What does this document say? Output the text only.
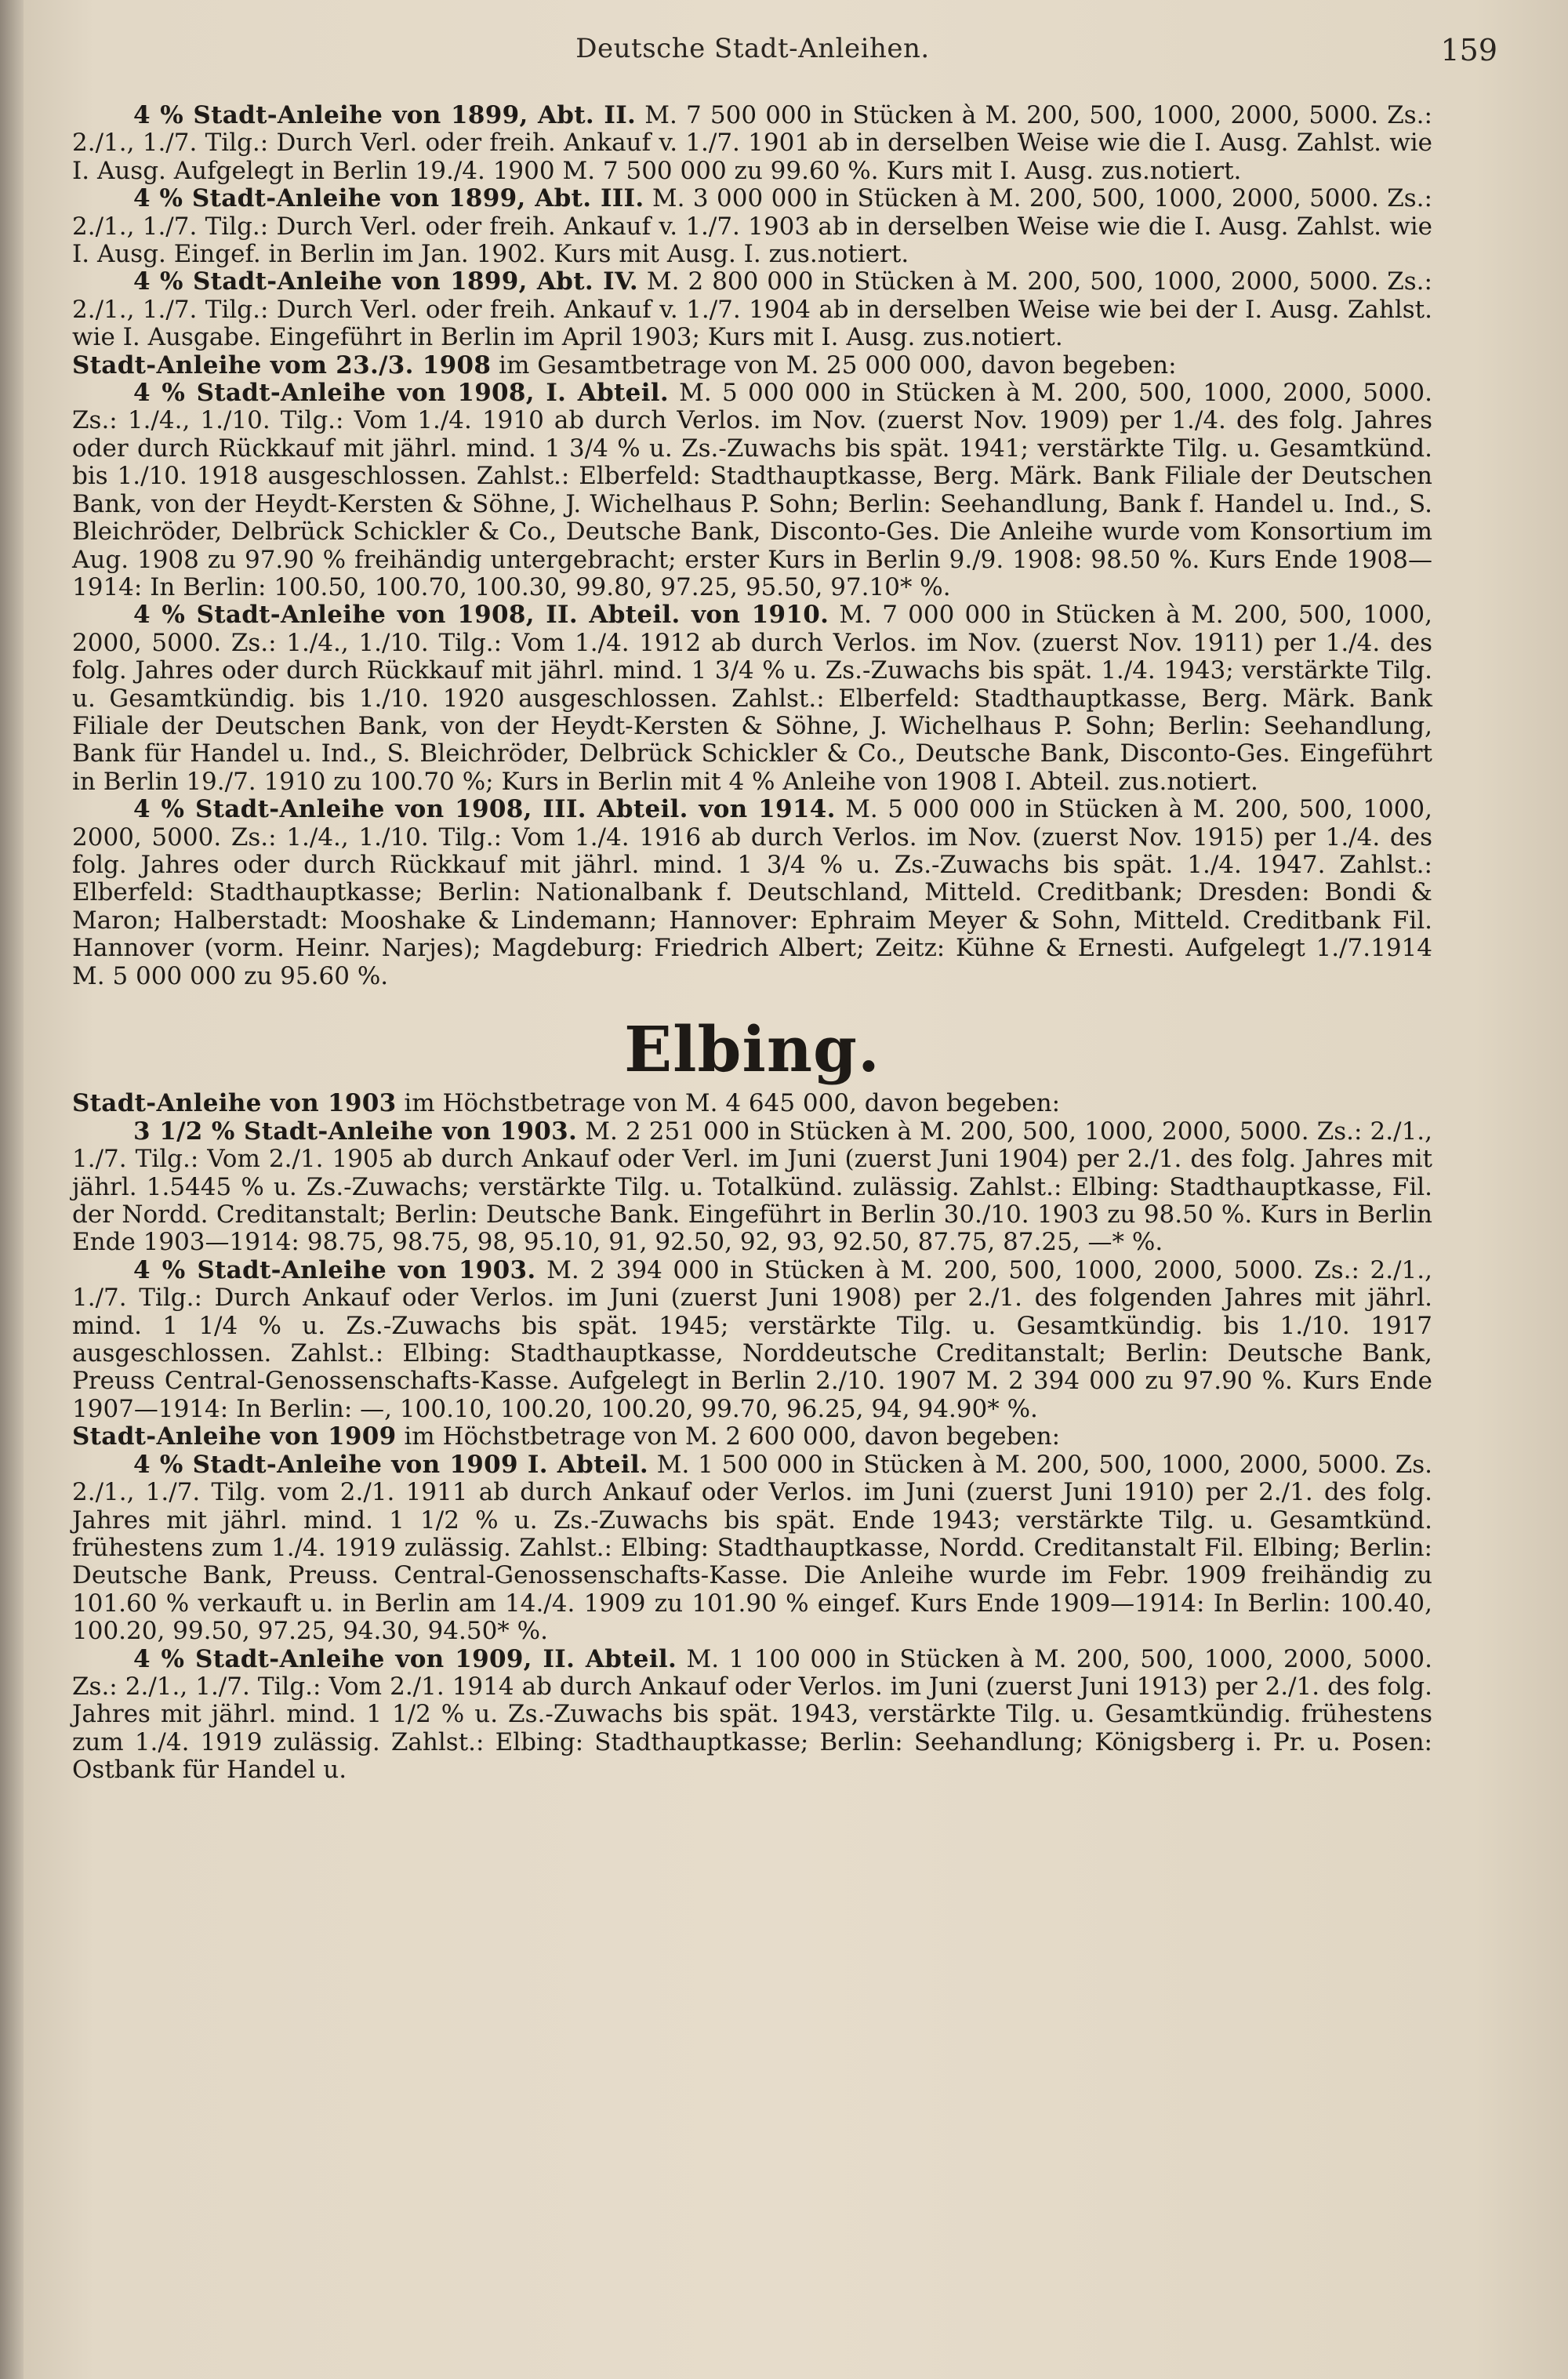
Deutsche Stadt-Anleihen.	159

4 % Stadt-Anleihe von 1899, Abt. II. M. 7 500 000 in Stücken à M. 200, 500, 1000, 2000, 5000. Zs.: 2./1., 1./7. Tilg.: Durch Verl. oder freih. Ankauf v. 1./7. 1901 ab in derselben Weise wie die I. Ausg. Zahlst. wie I. Ausg. Aufgelegt in Berlin 19./4. 1900 M. 7 500 000 zu 99.60 %. Kurs mit I. Ausg. zus.notiert.

4 % Stadt-Anleihe von 1899, Abt. III. M. 3 000 000 in Stücken à M. 200, 500, 1000, 2000, 5000. Zs.: 2./1., 1./7. Tilg.: Durch Verl. oder freih. Ankauf v. 1./7. 1903 ab in derselben Weise wie die I. Ausg. Zahlst. wie I. Ausg. Eingef. in Berlin im Jan. 1902. Kurs mit Ausg. I. zus.notiert.

4 % Stadt-Anleihe von 1899, Abt. IV. M. 2 800 000 in Stücken à M. 200, 500, 1000, 2000, 5000. Zs.: 2./1., 1./7. Tilg.: Durch Verl. oder freih. Ankauf v. 1./7. 1904 ab in derselben Weise wie bei der I. Ausg. Zahlst. wie I. Ausgabe. Eingeführt in Berlin im April 1903; Kurs mit I. Ausg. zus.notiert.

Stadt-Anleihe vom 23./3. 1908 im Gesamtbetrage von M. 25 000 000, davon begeben:

4 % Stadt-Anleihe von 1908, I. Abteil. M. 5 000 000 in Stücken à M. 200, 500, 1000, 2000, 5000. Zs.: 1./4., 1./10. Tilg.: Vom 1./4. 1910 ab durch Verlos. im Nov. (zuerst Nov. 1909) per 1./4. des folg. Jahres oder durch Rückkauf mit jährl. mind. 1 3/4 % u. Zs.-Zuwachs bis spät. 1941; verstärkte Tilg. u. Gesamtkünd. bis 1./10. 1918 ausgeschlossen. Zahlst.: Elberfeld: Stadthauptkasse, Berg. Märk. Bank Filiale der Deutschen Bank, von der Heydt-Kersten & Söhne, J. Wichelhaus P. Sohn; Berlin: Seehandlung, Bank f. Handel u. Ind., S. Bleichröder, Delbrück Schickler & Co., Deutsche Bank, Disconto-Ges. Die Anleihe wurde vom Konsortium im Aug. 1908 zu 97.90 % freihändig untergebracht; erster Kurs in Berlin 9./9. 1908: 98.50 %. Kurs Ende 1908—1914: In Berlin: 100.50, 100.70, 100.30, 99.80, 97.25, 95.50, 97.10* %.

4 % Stadt-Anleihe von 1908, II. Abteil. von 1910. M. 7 000 000 in Stücken à M. 200, 500, 1000, 2000, 5000. Zs.: 1./4., 1./10. Tilg.: Vom 1./4. 1912 ab durch Verlos. im Nov. (zuerst Nov. 1911) per 1./4. des folg. Jahres oder durch Rückkauf mit jährl. mind. 1 3/4 % u. Zs.-Zuwachs bis spät. 1./4. 1943; verstärkte Tilg. u. Gesamtkündig. bis 1./10. 1920 ausgeschlossen. Zahlst.: Elberfeld: Stadthauptkasse, Berg. Märk. Bank Filiale der Deutschen Bank, von der Heydt-Kersten & Söhne, J. Wichelhaus P. Sohn; Berlin: Seehandlung, Bank für Handel u. Ind., S. Bleichröder, Delbrück Schickler & Co., Deutsche Bank, Disconto-Ges. Eingeführt in Berlin 19./7. 1910 zu 100.70 %; Kurs in Berlin mit 4 % Anleihe von 1908 I. Abteil. zus.notiert.

4 % Stadt-Anleihe von 1908, III. Abteil. von 1914. M. 5 000 000 in Stücken à M. 200, 500, 1000, 2000, 5000. Zs.: 1./4., 1./10. Tilg.: Vom 1./4. 1916 ab durch Verlos. im Nov. (zuerst Nov. 1915) per 1./4. des folg. Jahres oder durch Rückkauf mit jährl. mind. 1 3/4 % u. Zs.-Zuwachs bis spät. 1./4. 1947. Zahlst.: Elberfeld: Stadthauptkasse; Berlin: Nationalbank f. Deutschland, Mitteld. Creditbank; Dresden: Bondi & Maron; Halberstadt: Mooshake & Lindemann; Hannover: Ephraim Meyer & Sohn, Mitteld. Creditbank Fil. Hannover (vorm. Heinr. Narjes); Magdeburg: Friedrich Albert; Zeitz: Kühne & Ernesti. Aufgelegt 1./7.1914 M. 5 000 000 zu 95.60 %.

Elbing.

Stadt-Anleihe von 1903 im Höchstbetrage von M. 4 645 000, davon begeben:

3 1/2 % Stadt-Anleihe von 1903. M. 2 251 000 in Stücken à M. 200, 500, 1000, 2000, 5000. Zs.: 2./1., 1./7. Tilg.: Vom 2./1. 1905 ab durch Ankauf oder Verl. im Juni (zuerst Juni 1904) per 2./1. des folg. Jahres mit jährl. 1.5445 % u. Zs.-Zuwachs; verstärkte Tilg. u. Totalkünd. zulässig. Zahlst.: Elbing: Stadthauptkasse, Fil. der Nordd. Creditanstalt; Berlin: Deutsche Bank. Eingeführt in Berlin 30./10. 1903 zu 98.50 %. Kurs in Berlin Ende 1903—1914: 98.75, 98.75, 98, 95.10, 91, 92.50, 92, 93, 92.50, 87.75, 87.25, —* %.

4 % Stadt-Anleihe von 1903. M. 2 394 000 in Stücken à M. 200, 500, 1000, 2000, 5000. Zs.: 2./1., 1./7. Tilg.: Durch Ankauf oder Verlos. im Juni (zuerst Juni 1908) per 2./1. des folgenden Jahres mit jährl. mind. 1 1/4 % u. Zs.-Zuwachs bis spät. 1945; verstärkte Tilg. u. Gesamtkündig. bis 1./10. 1917 ausgeschlossen. Zahlst.: Elbing: Stadthauptkasse, Norddeutsche Creditanstalt; Berlin: Deutsche Bank, Preuss Central-Genossenschafts-Kasse. Aufgelegt in Berlin 2./10. 1907 M. 2 394 000 zu 97.90 %. Kurs Ende 1907—1914: In Berlin: —, 100.10, 100.20, 100.20, 99.70, 96.25, 94, 94.90* %.

Stadt-Anleihe von 1909 im Höchstbetrage von M. 2 600 000, davon begeben:

4 % Stadt-Anleihe von 1909 I. Abteil. M. 1 500 000 in Stücken à M. 200, 500, 1000, 2000, 5000. Zs. 2./1., 1./7. Tilg. vom 2./1. 1911 ab durch Ankauf oder Verlos. im Juni (zuerst Juni 1910) per 2./1. des folg. Jahres mit jährl. mind. 1 1/2 % u. Zs.-Zuwachs bis spät. Ende 1943; verstärkte Tilg. u. Gesamtkünd. frühestens zum 1./4. 1919 zulässig. Zahlst.: Elbing: Stadthauptkasse, Nordd. Creditanstalt Fil. Elbing; Berlin: Deutsche Bank, Preuss. Central-Genossenschafts-Kasse. Die Anleihe wurde im Febr. 1909 freihändig zu 101.60 % verkauft u. in Berlin am 14./4. 1909 zu 101.90 % eingef. Kurs Ende 1909—1914: In Berlin: 100.40, 100.20, 99.50, 97.25, 94.30, 94.50* %.

4 % Stadt-Anleihe von 1909, II. Abteil. M. 1 100 000 in Stücken à M. 200, 500, 1000, 2000, 5000. Zs.: 2./1., 1./7. Tilg.: Vom 2./1. 1914 ab durch Ankauf oder Verlos. im Juni (zuerst Juni 1913) per 2./1. des folg. Jahres mit jährl. mind. 1 1/2 % u. Zs.-Zuwachs bis spät. 1943, verstärkte Tilg. u. Gesamtkündig. frühestens zum 1./4. 1919 zulässig. Zahlst.: Elbing: Stadthauptkasse; Berlin: Seehandlung; Königsberg i. Pr. u. Posen: Ostbank für Handel u.
